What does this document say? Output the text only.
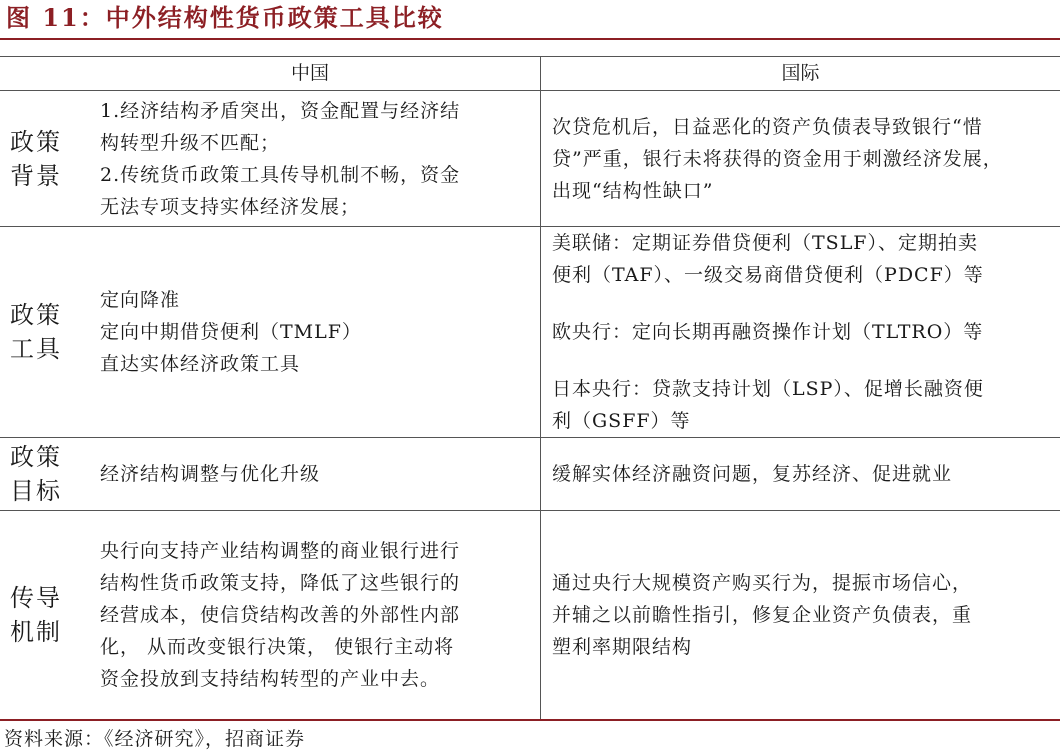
图 11：中外结构性货币政策工具比较
中国	国际
政策
背景
1.经济结构矛盾突出，资金配置与经济结
构转型升级不匹配；
2.传统货币政策工具传导机制不畅，资金
无法专项支持实体经济发展；
次贷危机后，日益恶化的资产负债表导致银行“惜
贷”严重，银行未将获得的资金用于刺激经济发展，
出现“结构性缺口”
政策
工具
定向降准
定向中期借贷便利（TMLF）
直达实体经济政策工具
美联储：定期证券借贷便利（TSLF）、定期拍卖
便利（TAF）、一级交易商借贷便利（PDCF）等
欧央行：定向长期再融资操作计划（TLTRO）等
日本央行：贷款支持计划（LSP）、促增长融资便
利（GSFF）等
政策
目标
经济结构调整与优化升级	缓解实体经济融资问题，复苏经济、促进就业
传导
机制
央行向支持产业结构调整的商业银行进行
结构性货币政策支持，降低了这些银行的
经营成本，使信贷结构改善的外部性内部
化， 从而改变银行决策， 使银行主动将
资金投放到支持结构转型的产业中去。
通过央行大规模资产购买行为，提振市场信心，
并辅之以前瞻性指引，修复企业资产负债表，重
塑利率期限结构
资料来源：《经济研究》，招商证券
